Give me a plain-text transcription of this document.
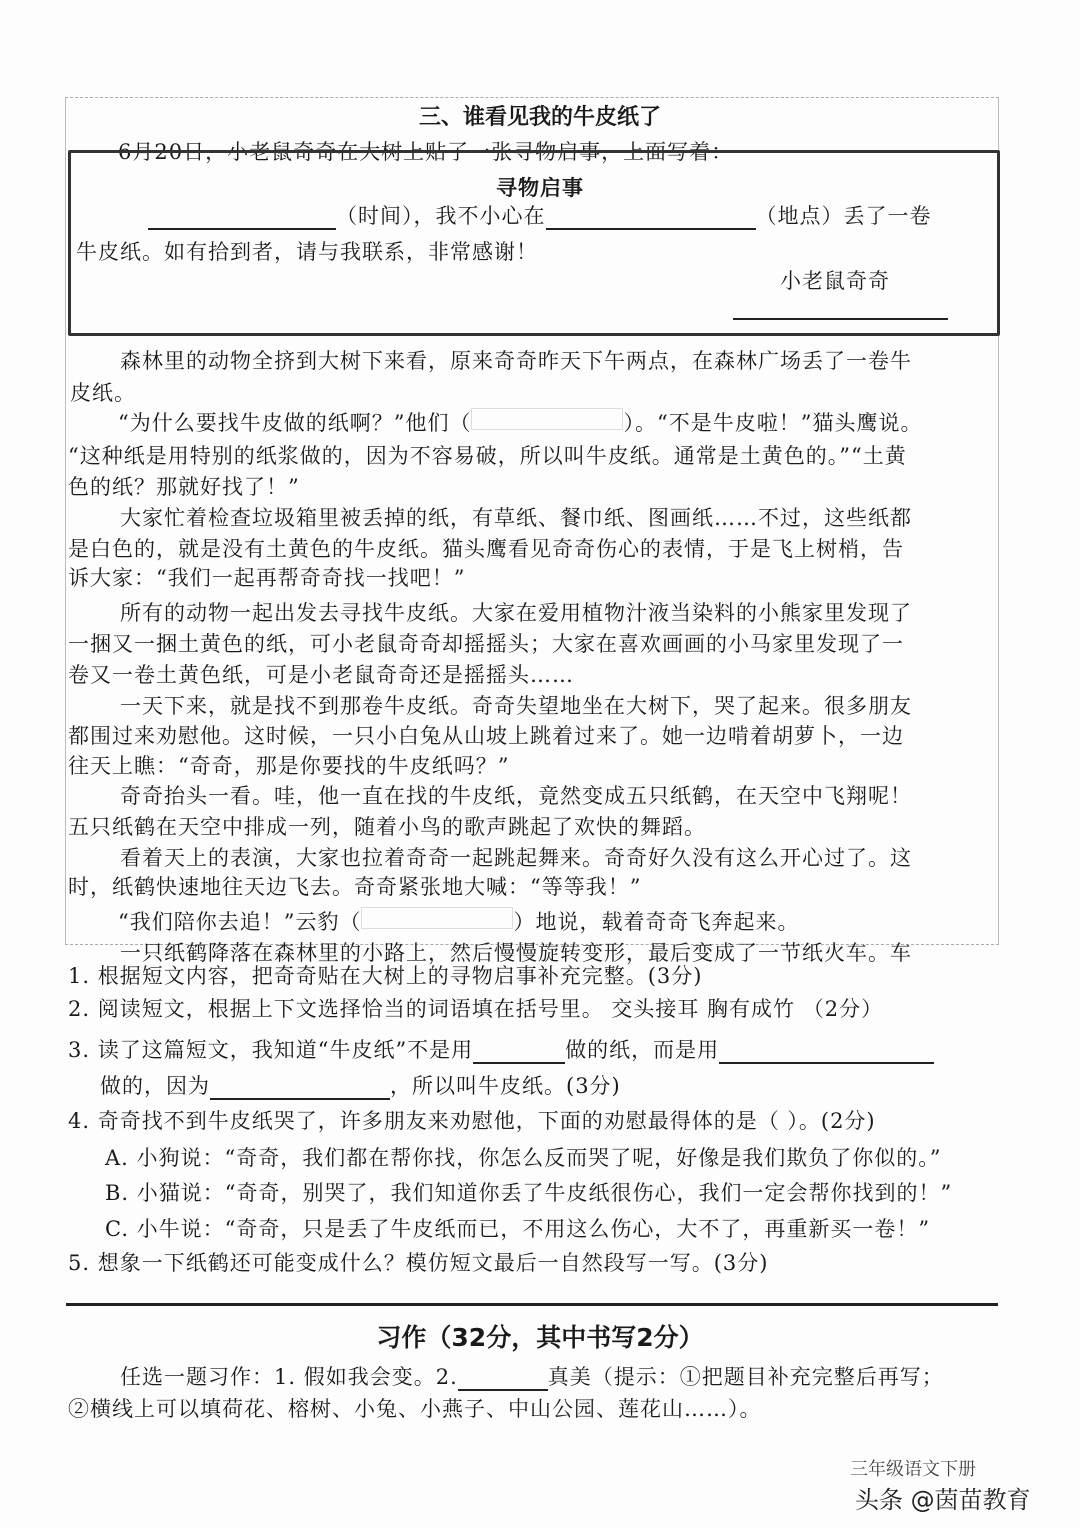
三、谁看见我的牛皮纸了
6月20日，小老鼠奇奇在大树上贴了一张寻物启事，上面写着：
寻物启事
（时间），我不小心在	（地点）丢了一卷
牛皮纸。如有拾到者，请与我联系，非常感谢！
小老鼠奇奇
森林里的动物全挤到大树下来看，原来奇奇昨天下午两点，在森林广场丢了一卷牛
皮纸。
“为什么要找牛皮做的纸啊？”他们（	）。“不是牛皮啦！”猫头鹰说。
“这种纸是用特别的纸浆做的，因为不容易破，所以叫牛皮纸。通常是土黄色的。”“土黄
色的纸？那就好找了！”
大家忙着检查垃圾箱里被丢掉的纸，有草纸、餐巾纸、图画纸……不过，这些纸都
是白色的，就是没有土黄色的牛皮纸。猫头鹰看见奇奇伤心的表情，于是飞上树梢，告
诉大家：“我们一起再帮奇奇找一找吧！”
所有的动物一起出发去寻找牛皮纸。大家在爱用植物汁液当染料的小熊家里发现了
一捆又一捆土黄色的纸，可小老鼠奇奇却摇摇头；大家在喜欢画画的小马家里发现了一
卷又一卷土黄色纸，可是小老鼠奇奇还是摇摇头……
一天下来，就是找不到那卷牛皮纸。奇奇失望地坐在大树下，哭了起来。很多朋友
都围过来劝慰他。这时候，一只小白兔从山坡上跳着过来了。她一边啃着胡萝卜，一边
往天上瞧：“奇奇，那是你要找的牛皮纸吗？”
奇奇抬头一看。哇，他一直在找的牛皮纸，竟然变成五只纸鹤，在天空中飞翔呢！
五只纸鹤在天空中排成一列，随着小鸟的歌声跳起了欢快的舞蹈。
看着天上的表演，大家也拉着奇奇一起跳起舞来。奇奇好久没有这么开心过了。这
时，纸鹤快速地往天边飞去。奇奇紧张地大喊：“等等我！”
“我们陪你去追！”云豹（	）地说，载着奇奇飞奔起来。
1. 根据短文内容，把奇奇贴在大树上的寻物启事补充完整。(3分)
2. 阅读短文，根据上下文选择恰当的词语填在括号里。 交头接耳 胸有成竹 （2分）
3. 读了这篇短文，我知道“牛皮纸”不是用	做的纸，而是用
做的，因为	，所以叫牛皮纸。(3分)
4. 奇奇找不到牛皮纸哭了，许多朋友来劝慰他，下面的劝慰最得体的是（ ）。(2分)
A. 小狗说：“奇奇，我们都在帮你找，你怎么反而哭了呢，好像是我们欺负了你似的。”
B. 小猫说：“奇奇，别哭了，我们知道你丢了牛皮纸很伤心，我们一定会帮你找到的！”
C. 小牛说：“奇奇，只是丢了牛皮纸而已，不用这么伤心，大不了，再重新买一卷！”
5. 想象一下纸鹤还可能变成什么？模仿短文最后一自然段写一写。(3分)
习作（32分，其中书写2分）
任选一题习作：1. 假如我会变。2.	真美（提示：①把题目补充完整后再写；
②横线上可以填荷花、榕树、小兔、小燕子、中山公园、莲花山……）。
三年级语文下册
头条 @茵苗教育
一只纸鹤降落在森林里的小路上，然后慢慢旋转变形，最后变成了一节纸火车。车
